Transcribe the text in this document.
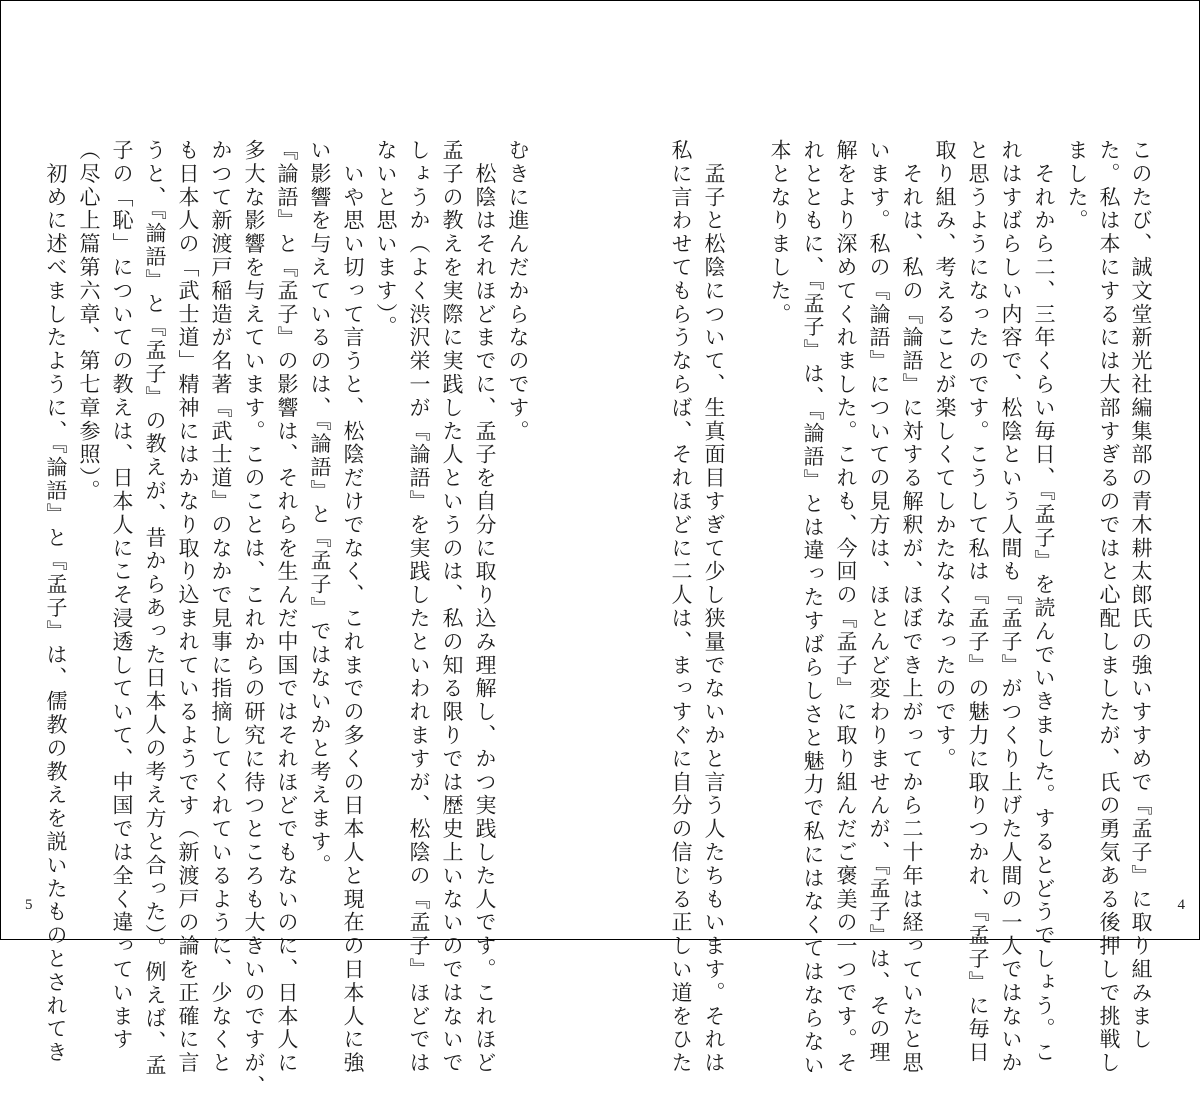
むきに進んだからなのです。
　松陰はそれほどまでに、孟子を自分に取り込み理解し、かつ実践した人です。これほど
孟子の教えを実際に実践した人というのは、私の知る限りでは歴史上いないのではないで
しょうか（よく渋沢栄一が『論語』を実践したといわれますが、松陰の『孟子』ほどでは
ないと思います）。
　いや思い切って言うと、松陰だけでなく、これまでの多くの日本人と現在の日本人に強
い影響を与えているのは、『論語』と『孟子』ではないかと考えます。
『論語』と『孟子』の影響は、それらを生んだ中国ではそれほどでもないのに、日本人に
多大な影響を与えています。このことは、これからの研究に待つところも大きいのですが、
かつて新渡戸稲造が名著『武士道』のなかで見事に指摘してくれているように、少なくと
も日本人の「武士道」精神にはかなり取り込まれているようです（新渡戸の論を正確に言
うと、『論語』と『孟子』の教えが、昔からあった日本人の考え方と合った）。例えば、孟
子の「恥」についての教えは、日本人にこそ浸透していて、中国では全く違っています
（尽心上篇第六章、第七章参照）。
　初めに述べましたように、『論語』と『孟子』は、儒教の教えを説いたものとされてき
5	このたび、誠文堂新光社編集部の青木耕太郎氏の強いすすめで『孟子』に取り組みまし
た。私は本にするには大部すぎるのではと心配しましたが、氏の勇気ある後押しで挑戦し
ました。
　それから二、三年くらい毎日、『孟子』を読んでいきました。するとどうでしょう。こ
れはすばらしい内容で、松陰という人間も『孟子』がつくり上げた人間の一人ではないか
と思うようになったのです。こうして私は『孟子』の魅力に取りつかれ、『孟子』に毎日
取り組み、考えることが楽しくてしかたなくなったのです。
　それは、私の『論語』に対する解釈が、ほぼでき上がってから二十年は経っていたと思
います。私の『論語』についての見方は、ほとんど変わりませんが、『孟子』は、その理
解をより深めてくれました。これも、今回の『孟子』に取り組んだご褒美の一つです。そ
れとともに、『孟子』は、『論語』とは違ったすばらしさと魅力で私にはなくてはならない
本となりました。
　孟子と松陰について、生真面目すぎて少し狭量でないかと言う人たちもいます。それは
私に言わせてもらうならば、それほどに二人は、まっすぐに自分の信じる正しい道をひた	4
